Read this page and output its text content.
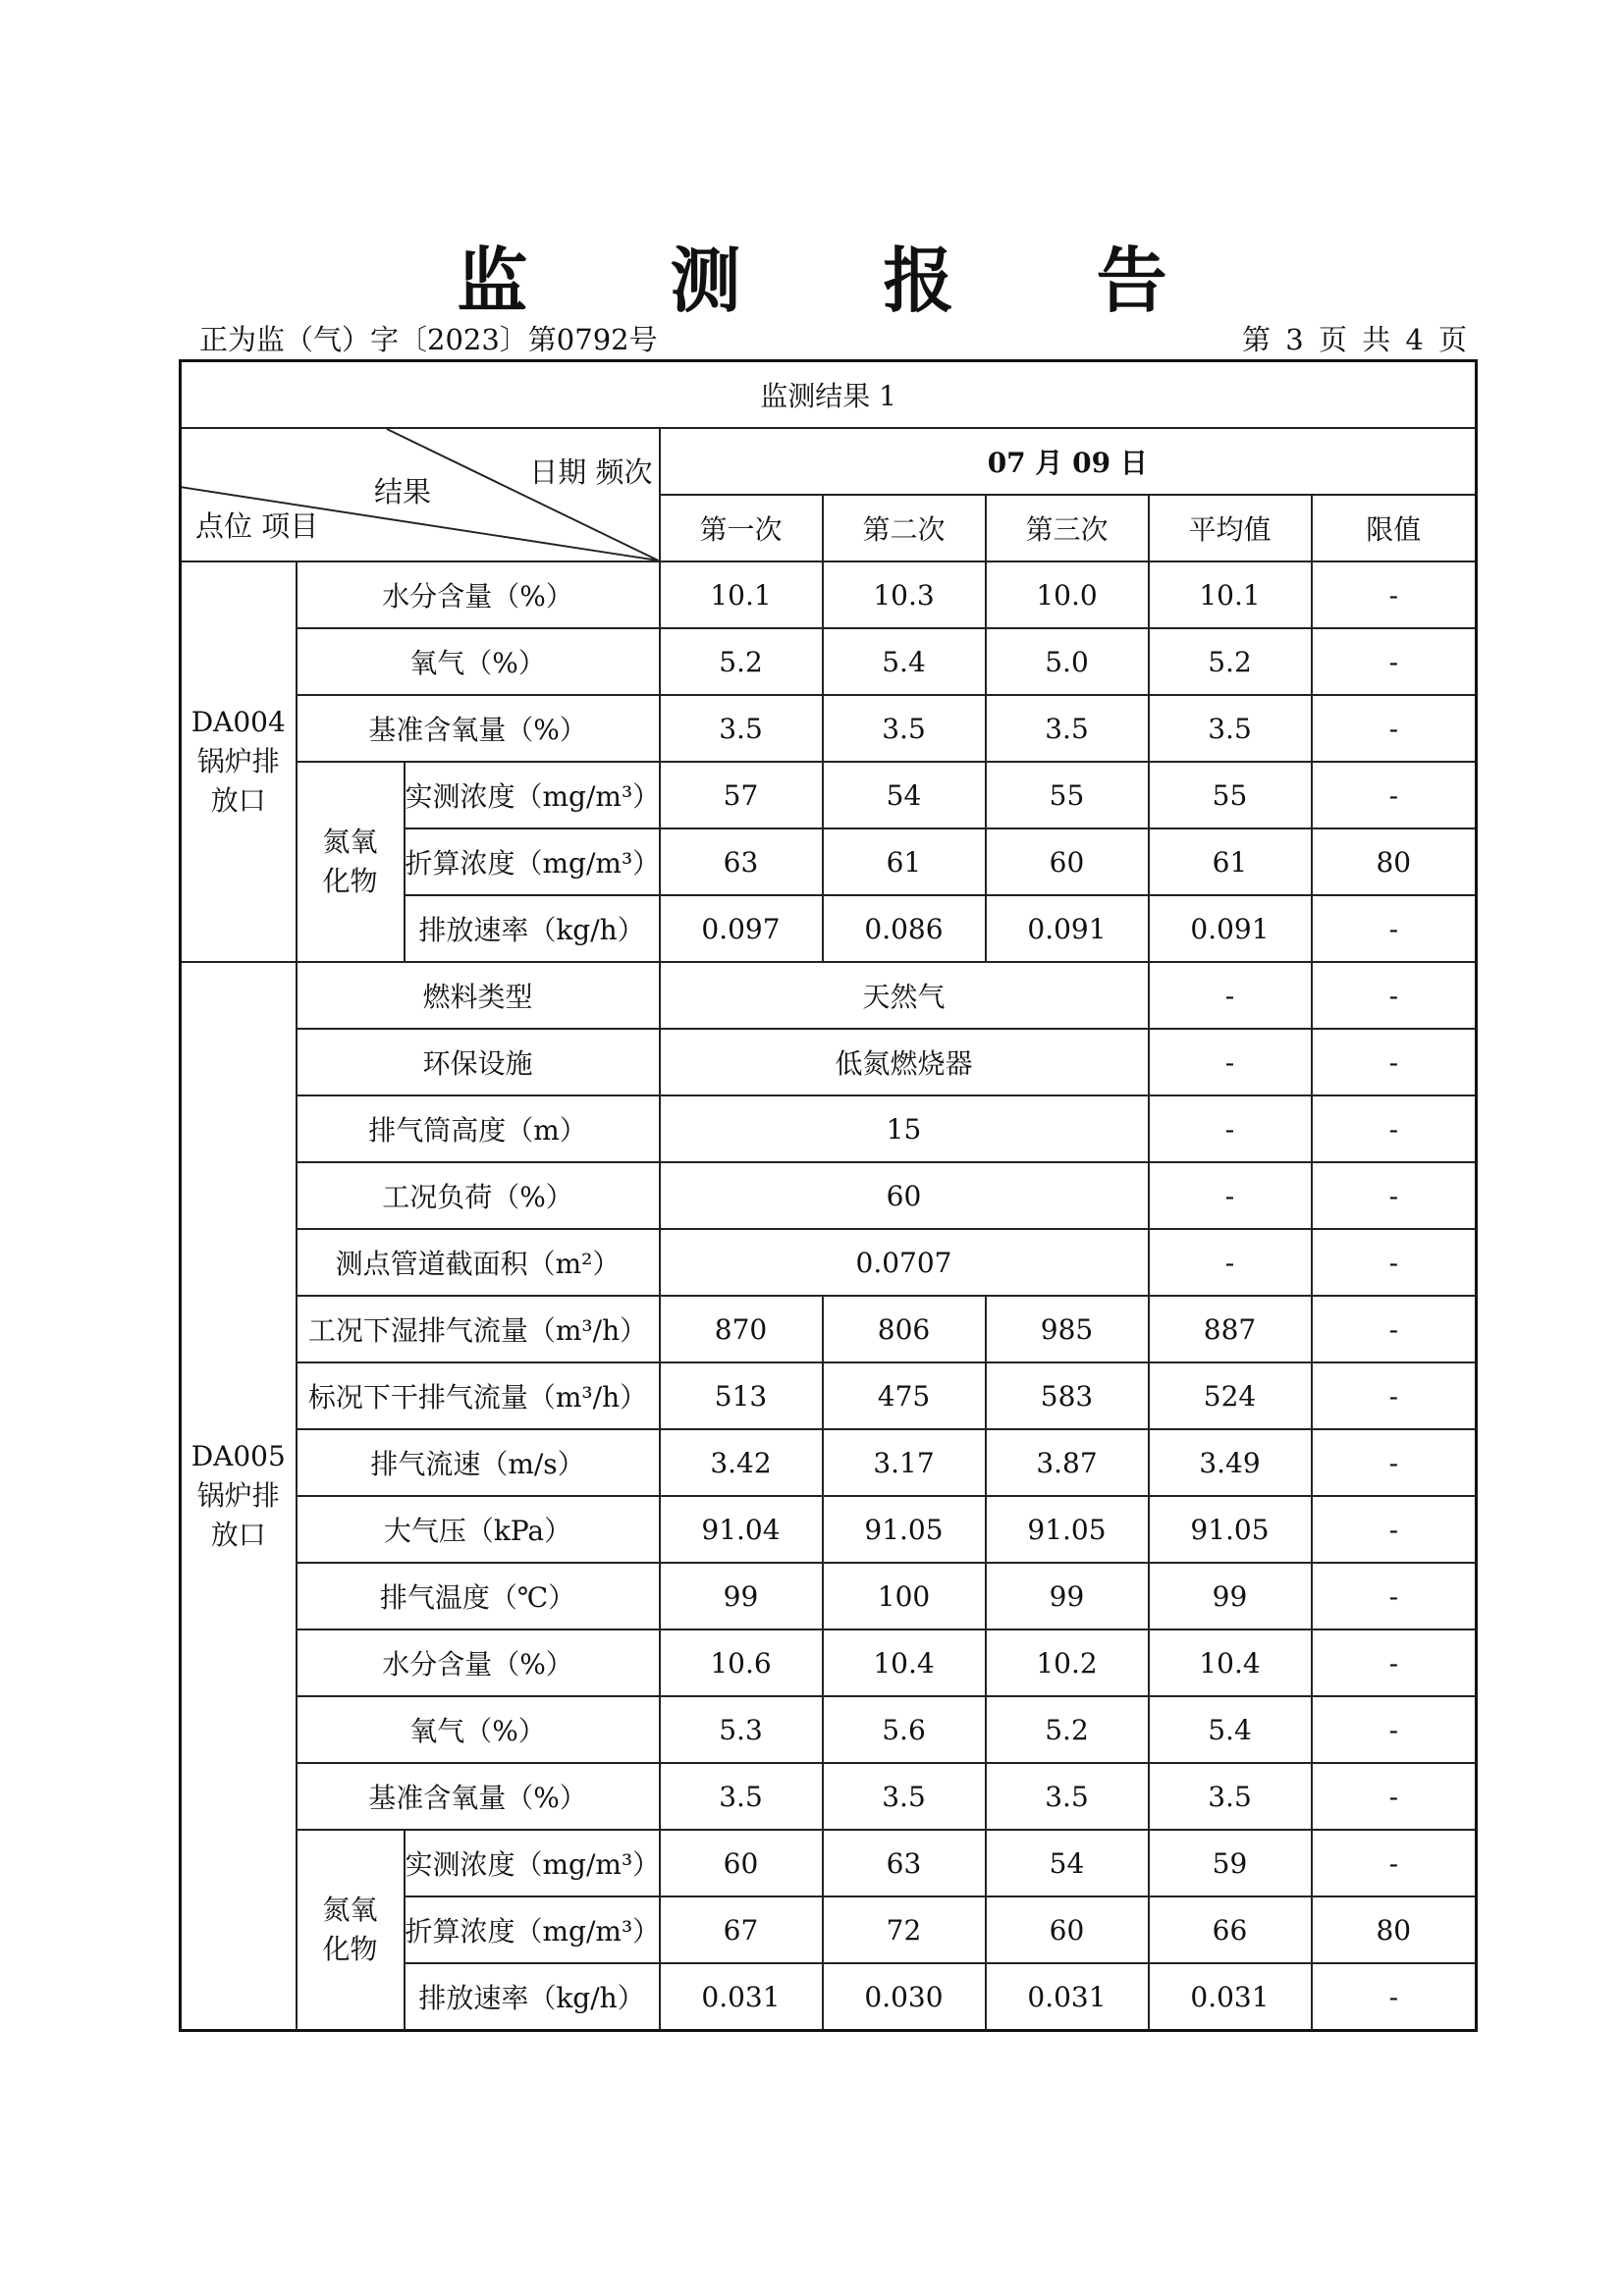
监 测 报 告
正为监（气）字〔2023〕第0792号	第 3 页 共 4 页
监测结果 1							

日期 频次
结果
点位 项目			07 月 09 日				
			第一次	第二次	第三次	平均值	限值
DA004
锅炉排
放口	水分含量（%）		10.1	10.3	10.0	10.1	-
	氧气（%）		5.2	5.4	5.0	5.2	-
	基准含氧量（%）		3.5	3.5	3.5	3.5	-
	氮氧
化物	实测浓度（mg/m³）	57	54	55	55	-
		折算浓度（mg/m³）	63	61	60	61	80
		排放速率（kg/h）	0.097	0.086	0.091	0.091	-
DA005
锅炉排
放口	燃料类型		天然气			-	-
	环保设施		低氮燃烧器			-	-
	排气筒高度（m）		15			-	-
	工况负荷（%）		60			-	-
	测点管道截面积（m²）		0.0707			-	-
	工况下湿排气流量（m³/h）		870	806	985	887	-
	标况下干排气流量（m³/h）		513	475	583	524	-
	排气流速（m/s）		3.42	3.17	3.87	3.49	-
	大气压（kPa）		91.04	91.05	91.05	91.05	-
	排气温度（℃）		99	100	99	99	-
	水分含量（%）		10.6	10.4	10.2	10.4	-
	氧气（%）		5.3	5.6	5.2	5.4	-
	基准含氧量（%）		3.5	3.5	3.5	3.5	-
	氮氧
化物	实测浓度（mg/m³）	60	63	54	59	-
		折算浓度（mg/m³）	67	72	60	66	80
		排放速率（kg/h）	0.031	0.030	0.031	0.031	-
